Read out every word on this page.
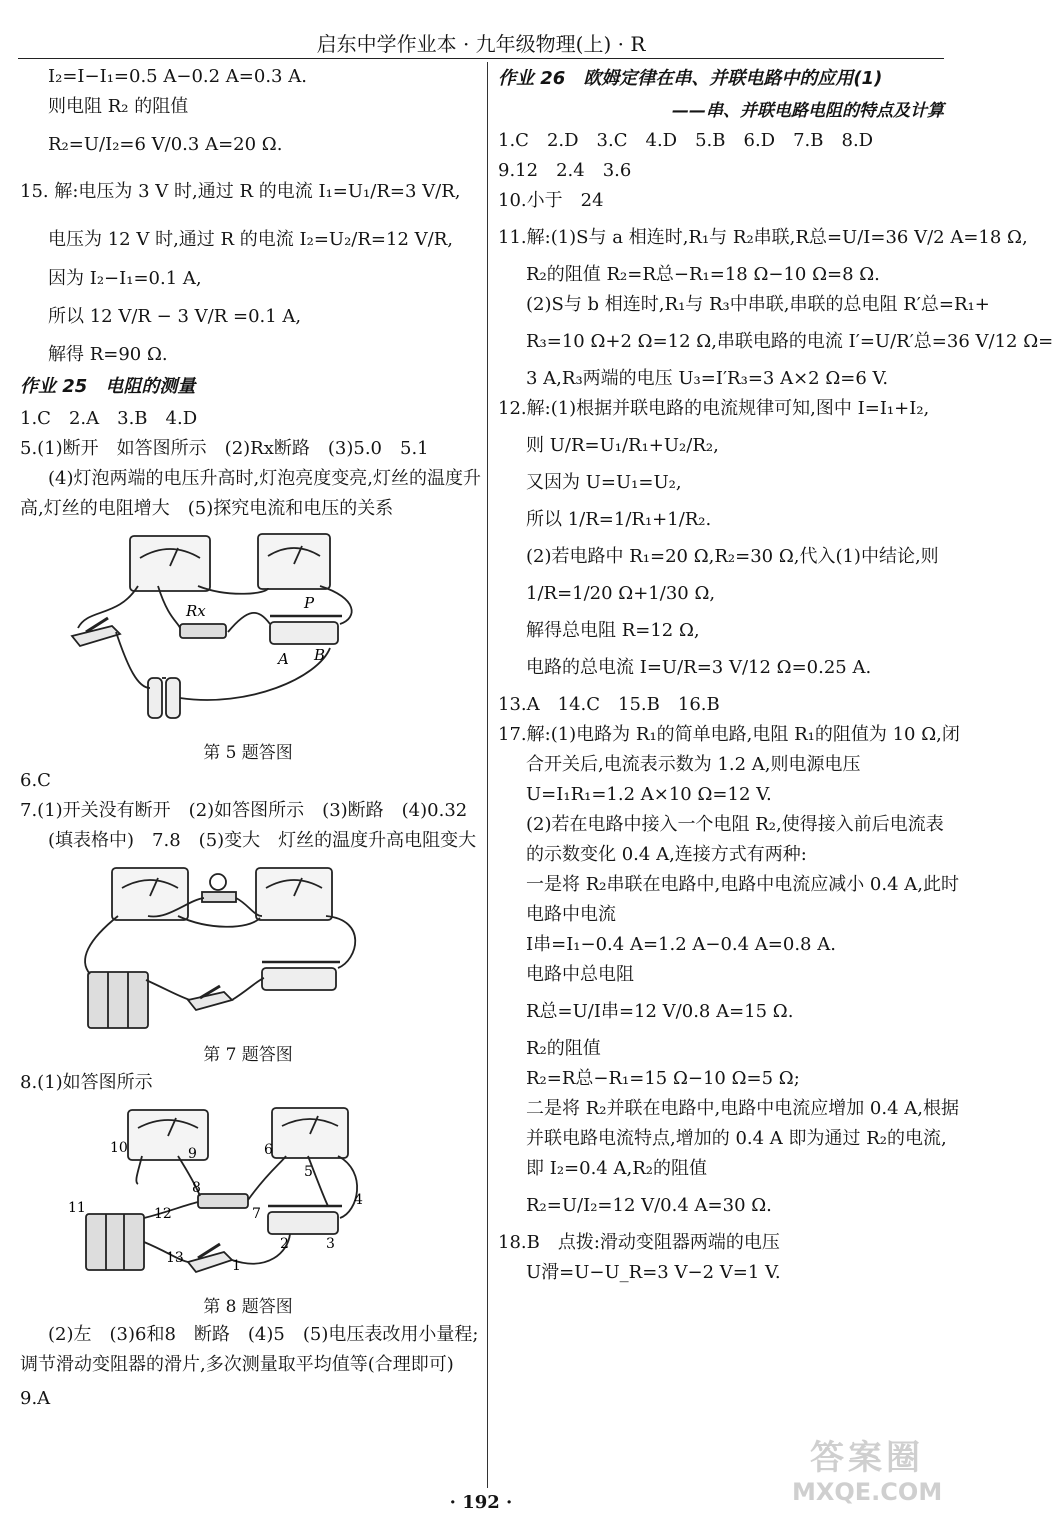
启东中学作业本 · 九年级物理(上) · R
I₂=I−I₁=0.5 A−0.2 A=0.3 A.
则电阻 R₂ 的阻值
R₂=U/I₂=6 V/0.3 A=20 Ω.
15. 解:电压为 3 V 时,通过 R 的电流 I₁=U₁/R=3 V/R,
电压为 12 V 时,通过 R 的电流 I₂=U₂/R=12 V/R,
因为 I₂−I₁=0.1 A,
所以 12 V/R − 3 V/R =0.1 A,
解得 R=90 Ω.
作业 25　电阻的测量
1.C　2.A　3.B　4.D
5.(1)断开　如答图所示　(2)Rx断路　(3)5.0　5.1
(4)灯泡两端的电压升高时,灯泡亮度变亮,灯丝的温度升
高,灯丝的电阻增大　(5)探究电流和电压的关系
Rx	P
A B
第 5 题答图
6.C
7.(1)开关没有断开　(2)如答图所示　(3)断路　(4)0.32
(填表格中)　7.8　(5)变大　灯丝的温度升高电阻变大
第 7 题答图
8.(1)如答图所示
1
2	3
4
5
6
7
8
9
10
11	12
13
第 8 题答图
(2)左　(3)6和8　断路　(4)5　(5)电压表改用小量程;
调节滑动变阻器的滑片,多次测量取平均值等(合理即可)
9.A
作业 26　欧姆定律在串、并联电路中的应用(1)
——串、并联电路电阻的特点及计算
1.C　2.D　3.C　4.D　5.B　6.D　7.B　8.D
9.12　2.4　3.6
10.小于　24
11.解:(1)S与 a 相连时,R₁与 R₂串联,R总=U/I=36 V/2 A=18 Ω,
R₂的阻值 R₂=R总−R₁=18 Ω−10 Ω=8 Ω.
(2)S与 b 相连时,R₁与 R₃中串联,串联的总电阻 R′总=R₁+
R₃=10 Ω+2 Ω=12 Ω,串联电路的电流 I′=U/R′总=36 V/12 Ω=
3 A,R₃两端的电压 U₃=I′R₃=3 A×2 Ω=6 V.
12.解:(1)根据并联电路的电流规律可知,图中 I=I₁+I₂,
则 U/R=U₁/R₁+U₂/R₂,
又因为 U=U₁=U₂,
所以 1/R=1/R₁+1/R₂.
(2)若电路中 R₁=20 Ω,R₂=30 Ω,代入(1)中结论,则
1/R=1/20 Ω+1/30 Ω,
解得总电阻 R=12 Ω,
电路的总电流 I=U/R=3 V/12 Ω=0.25 A.
13.A　14.C　15.B　16.B
17.解:(1)电路为 R₁的简单电路,电阻 R₁的阻值为 10 Ω,闭
合开关后,电流表示数为 1.2 A,则电源电压
U=I₁R₁=1.2 A×10 Ω=12 V.
(2)若在电路中接入一个电阻 R₂,使得接入前后电流表
的示数变化 0.4 A,连接方式有两种:
一是将 R₂串联在电路中,电路中电流应减小 0.4 A,此时
电路中电流
I串=I₁−0.4 A=1.2 A−0.4 A=0.8 A.
电路中总电阻
R总=U/I串=12 V/0.8 A=15 Ω.
R₂的阻值
R₂=R总−R₁=15 Ω−10 Ω=5 Ω;
二是将 R₂并联在电路中,电路中电流应增加 0.4 A,根据
并联电路电流特点,增加的 0.4 A 即为通过 R₂的电流,
即 I₂=0.4 A,R₂的阻值
R₂=U/I₂=12 V/0.4 A=30 Ω.
18.B　点拨:滑动变阻器两端的电压
U滑=U−U_R=3 V−2 V=1 V.
· 192 ·
答案圈
MXQE.COM
